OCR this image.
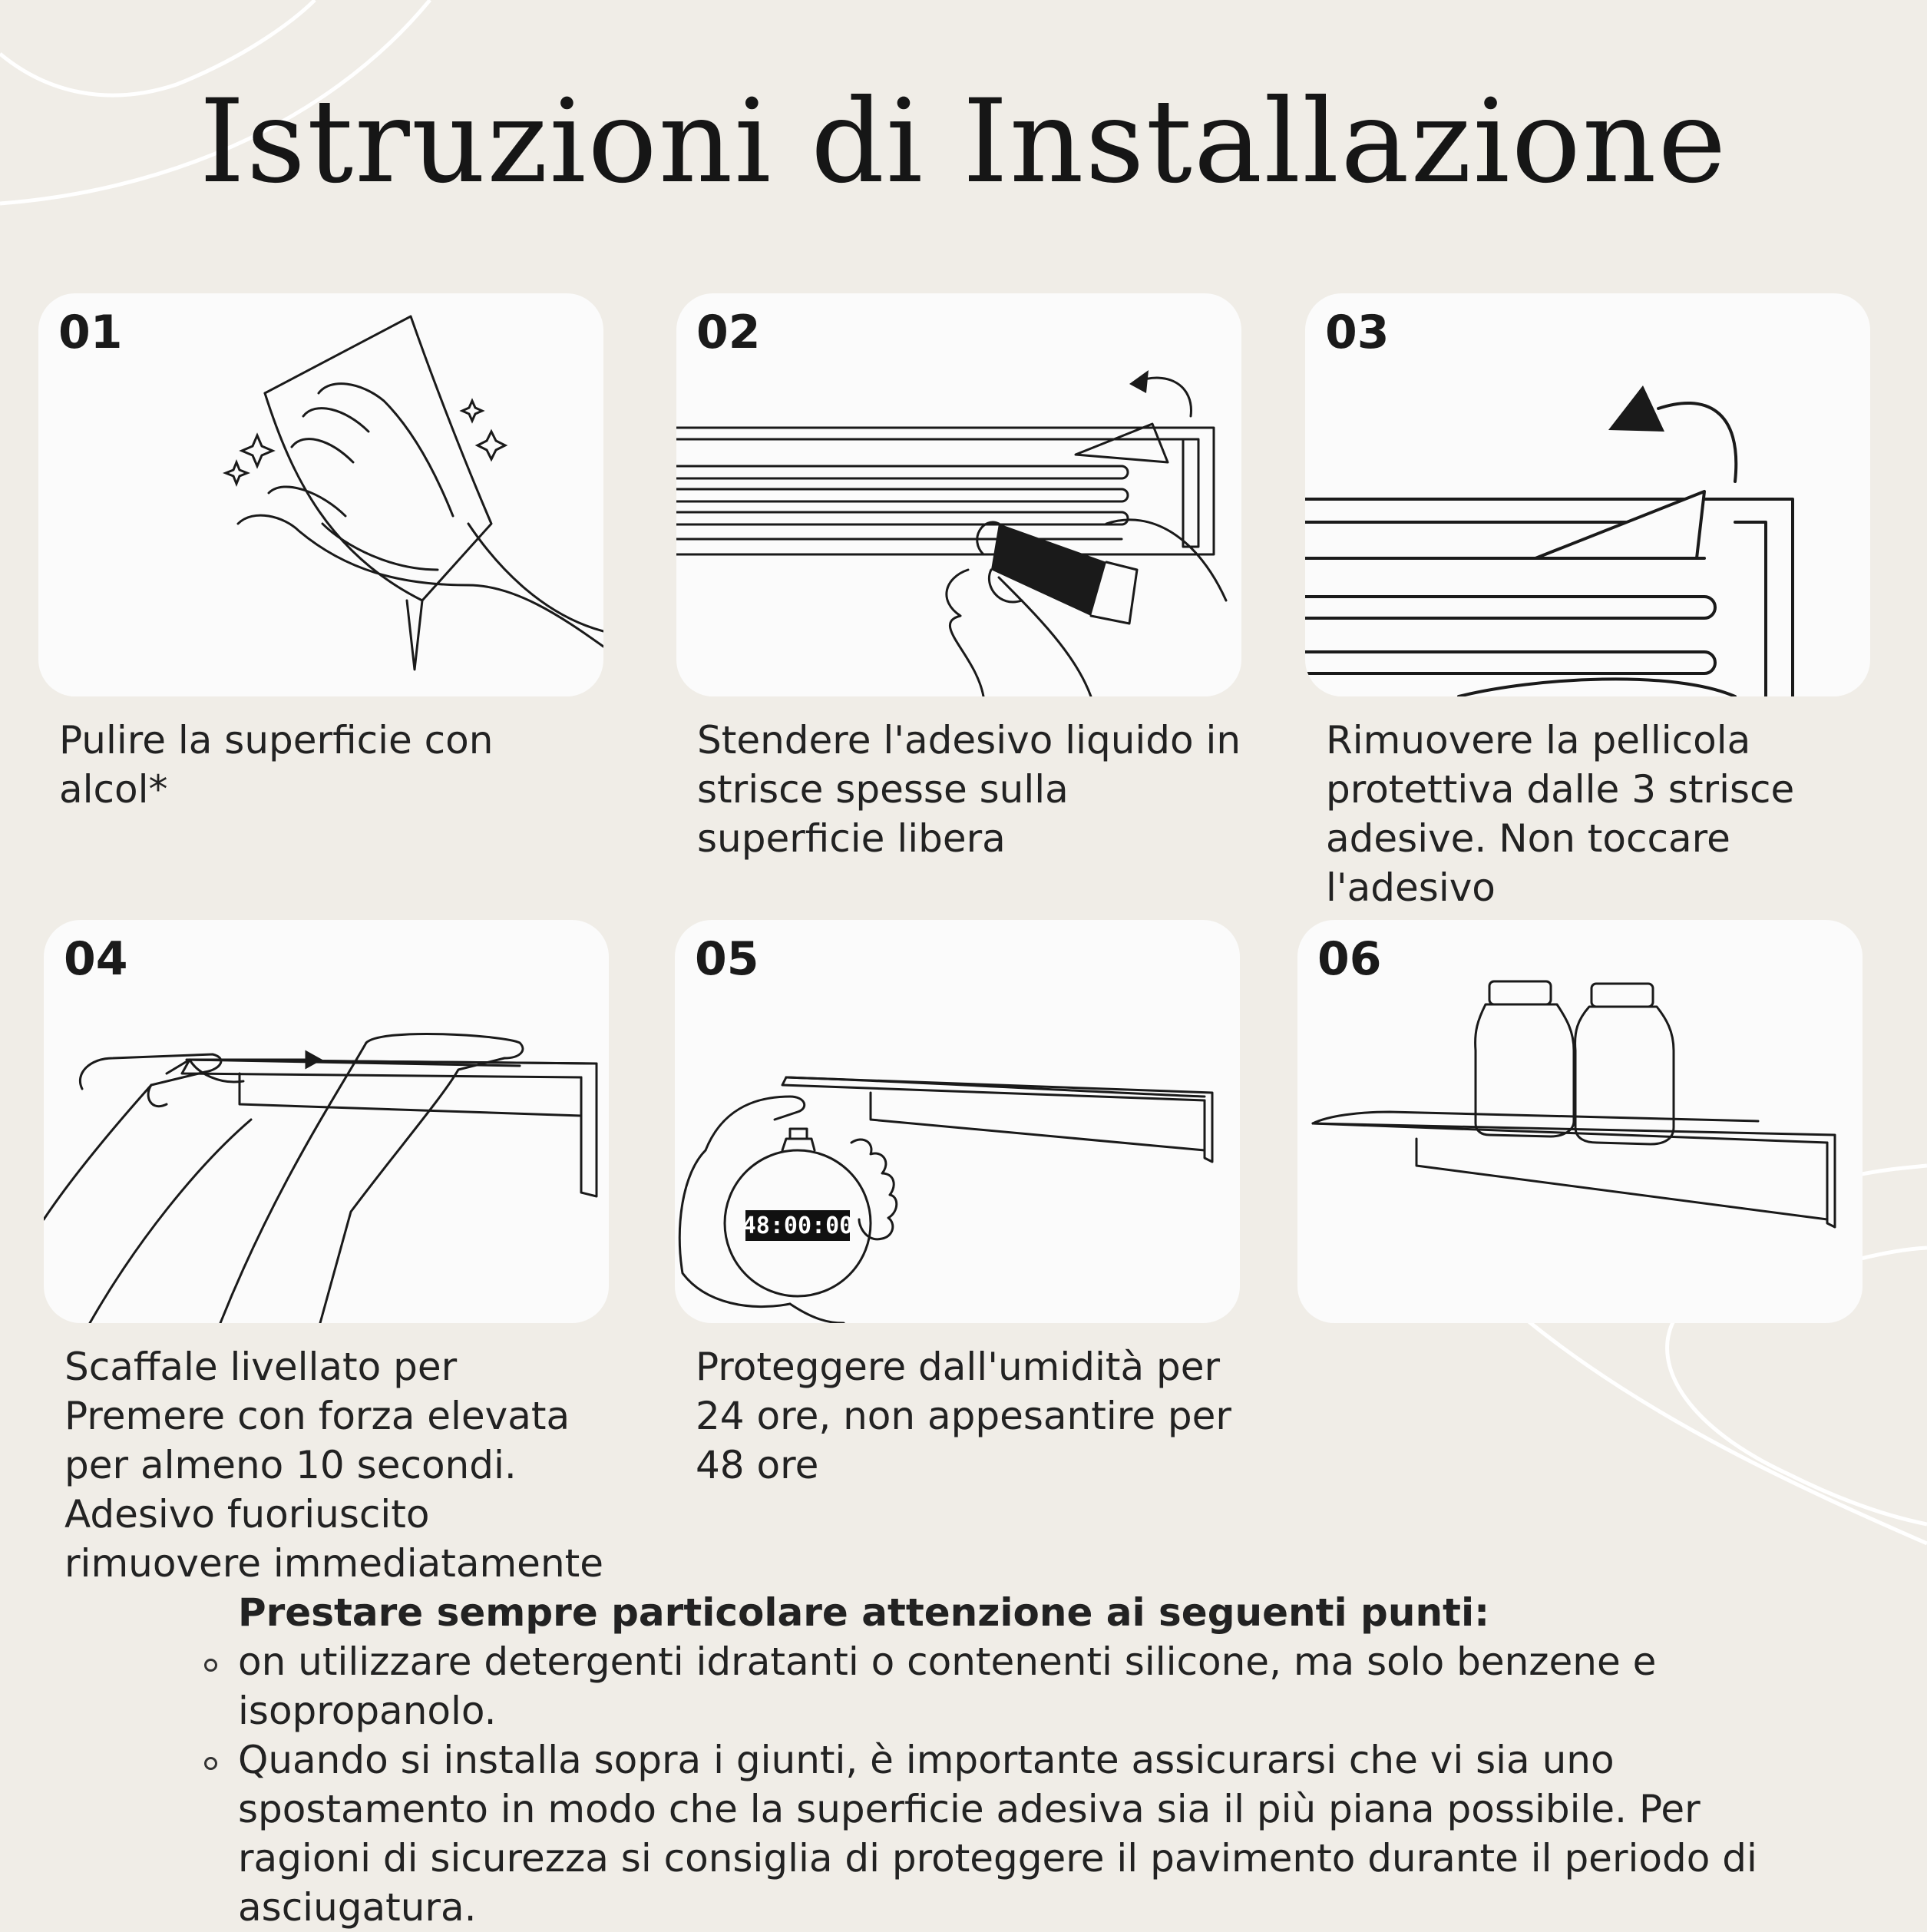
Istruzioni di Installazione
01
Pulire la superficie con alcol*
02
Stendere l'adesivo liquido in strisce spesse sulla superficie libera
03
Rimuovere la pellicola protettiva dalle 3 strisce adesive. Non toccare l'adesivo
04
Scaffale livellato per Premere con forza elevata per almeno 10 secondi. Adesivo fuoriuscito rimuovere immediatamente
48:00:00
05
Proteggere dall'umidità per 24 ore, non appesantire per 48 ore
06

Prestare sempre particolare attenzione ai seguenti punti:

on utilizzare detergenti idratanti o contenenti silicone, ma solo benzene e isopropanolo.
Quando si installa sopra i giunti, è importante assicurarsi che vi sia uno spostamento in modo che la superficie adesiva sia il più piana possibile. Per ragioni di sicurezza si consiglia di proteggere il pavimento durante il periodo di asciugatura.
